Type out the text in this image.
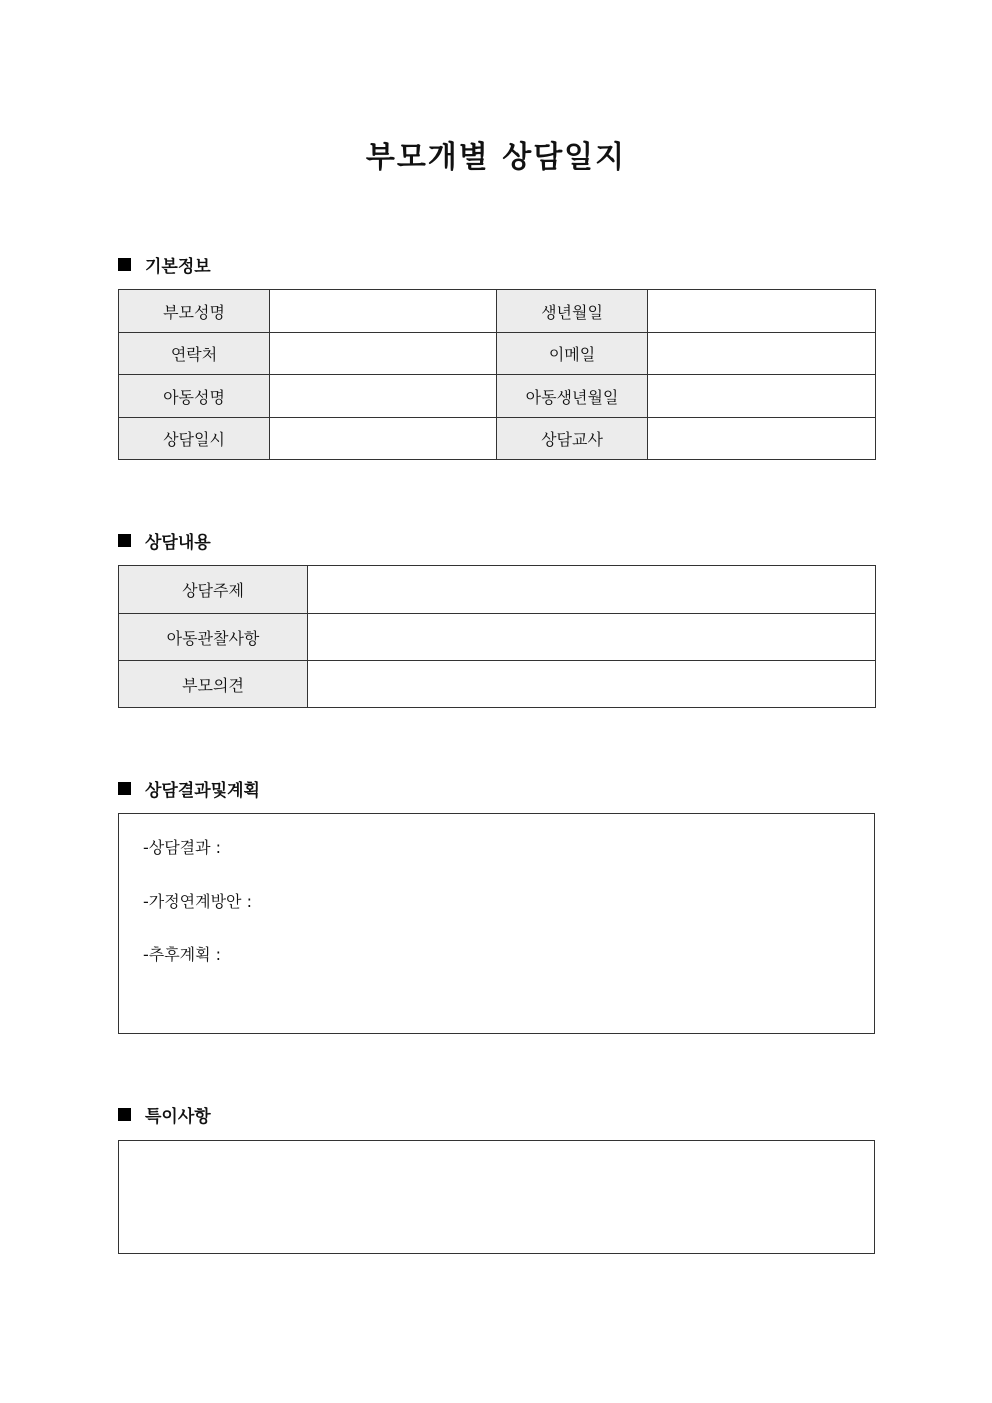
부모개별 상담일지
기본정보
부모성명		생년월일	
연락처		이메일	
아동성명		아동생년월일	
상담일시		상담교사	
상담내용
상담주제	
아동관찰사항	
부모의견	
상담결과및계획
-상담결과 :
-가정연계방안 :
-추후계획 :
특이사항
